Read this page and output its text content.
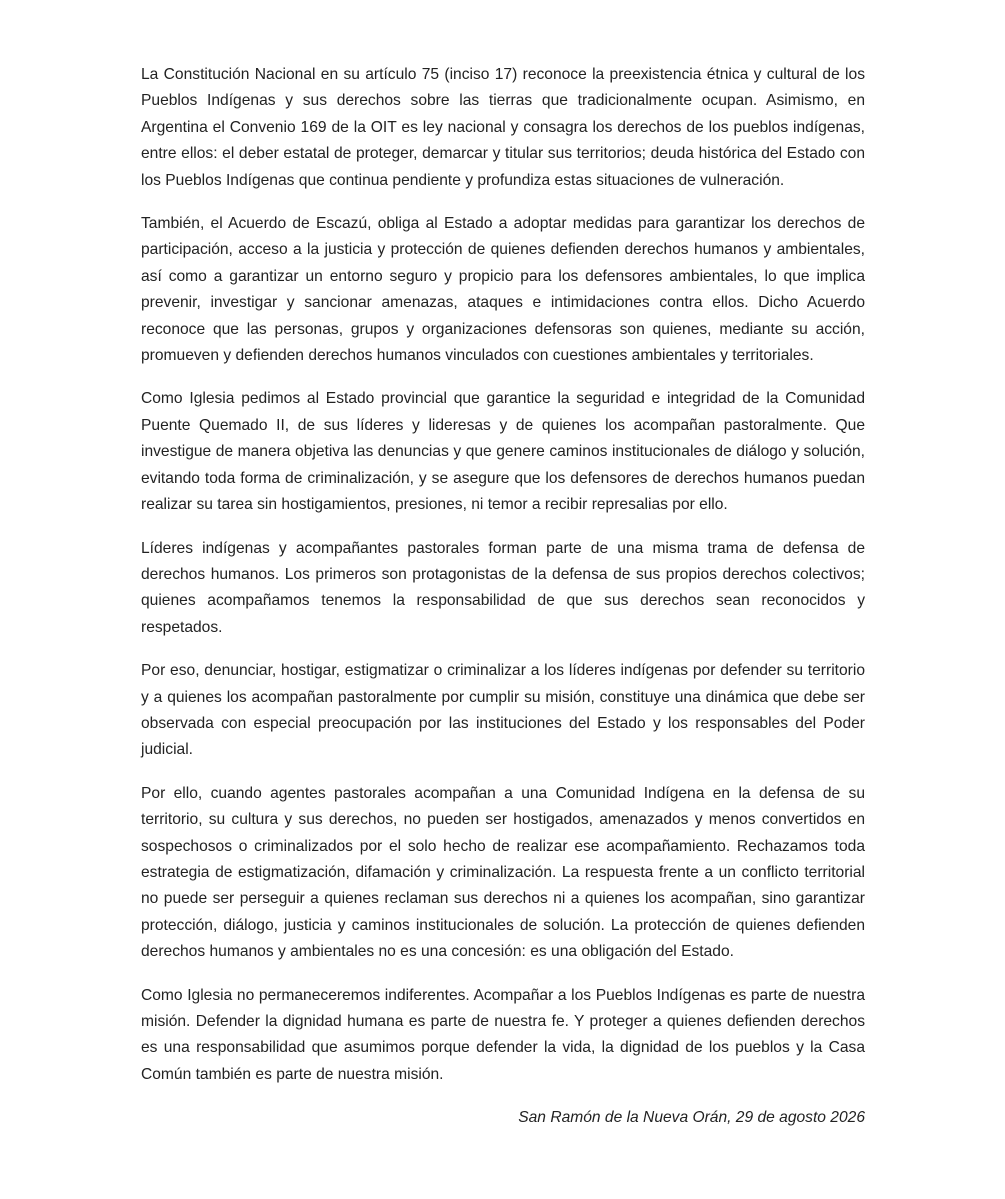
La Constitución Nacional en su artículo 75 (inciso 17) reconoce la preexistencia étnica y cultural de los Pueblos Indígenas y sus derechos sobre las tierras que tradicionalmente ocupan. Asimismo, en Argentina el Convenio 169 de la OIT es ley nacional y consagra los derechos de los pueblos indígenas, entre ellos: el deber estatal de proteger, demarcar y titular sus territorios; deuda histórica del Estado con los Pueblos Indígenas que continua pendiente y profundiza estas situaciones de vulneración.

También, el Acuerdo de Escazú, obliga al Estado a adoptar medidas para garantizar los derechos de participación, acceso a la justicia y protección de quienes defienden derechos humanos y ambientales, así como a garantizar un entorno seguro y propicio para los defensores ambientales, lo que implica prevenir, investigar y sancionar amenazas, ataques e intimidaciones contra ellos. Dicho Acuerdo reconoce que las personas, grupos y organizaciones defensoras son quienes, mediante su acción, promueven y defienden derechos humanos vinculados con cuestiones ambientales y territoriales.

Como Iglesia pedimos al Estado provincial que garantice la seguridad e integridad de la Comunidad Puente Quemado II, de sus líderes y lideresas y de quienes los acompañan pastoralmente. Que investigue de manera objetiva las denuncias y que genere caminos institucionales de diálogo y solución, evitando toda forma de criminalización, y se asegure que los defensores de derechos humanos puedan realizar su tarea sin hostigamientos, presiones, ni temor a recibir represalias por ello.

Líderes indígenas y acompañantes pastorales forman parte de una misma trama de defensa de derechos humanos. Los primeros son protagonistas de la defensa de sus propios derechos colectivos; quienes acompañamos tenemos la responsabilidad de que sus derechos sean reconocidos y respetados.

Por eso, denunciar, hostigar, estigmatizar o criminalizar a los líderes indígenas por defender su territorio y a quienes los acompañan pastoralmente por cumplir su misión, constituye una dinámica que debe ser observada con especial preocupación por las instituciones del Estado y los responsables del Poder judicial.

Por ello, cuando agentes pastorales acompañan a una Comunidad Indígena en la defensa de su territorio, su cultura y sus derechos, no pueden ser hostigados, amenazados y menos convertidos en sospechosos o criminalizados por el solo hecho de realizar ese acompañamiento. Rechazamos toda estrategia de estigmatización, difamación y criminalización. La respuesta frente a un conflicto territorial no puede ser perseguir a quienes reclaman sus derechos ni a quienes los acompañan, sino garantizar protección, diálogo, justicia y caminos institucionales de solución. La protección de quienes defienden derechos humanos y ambientales no es una concesión: es una obligación del Estado.

Como Iglesia no permaneceremos indiferentes. Acompañar a los Pueblos Indígenas es parte de nuestra misión. Defender la dignidad humana es parte de nuestra fe. Y proteger a quienes defienden derechos es una responsabilidad que asumimos porque defender la vida, la dignidad de los pueblos y la Casa Común también es parte de nuestra misión.

San Ramón de la Nueva Orán, 29 de agosto 2026
